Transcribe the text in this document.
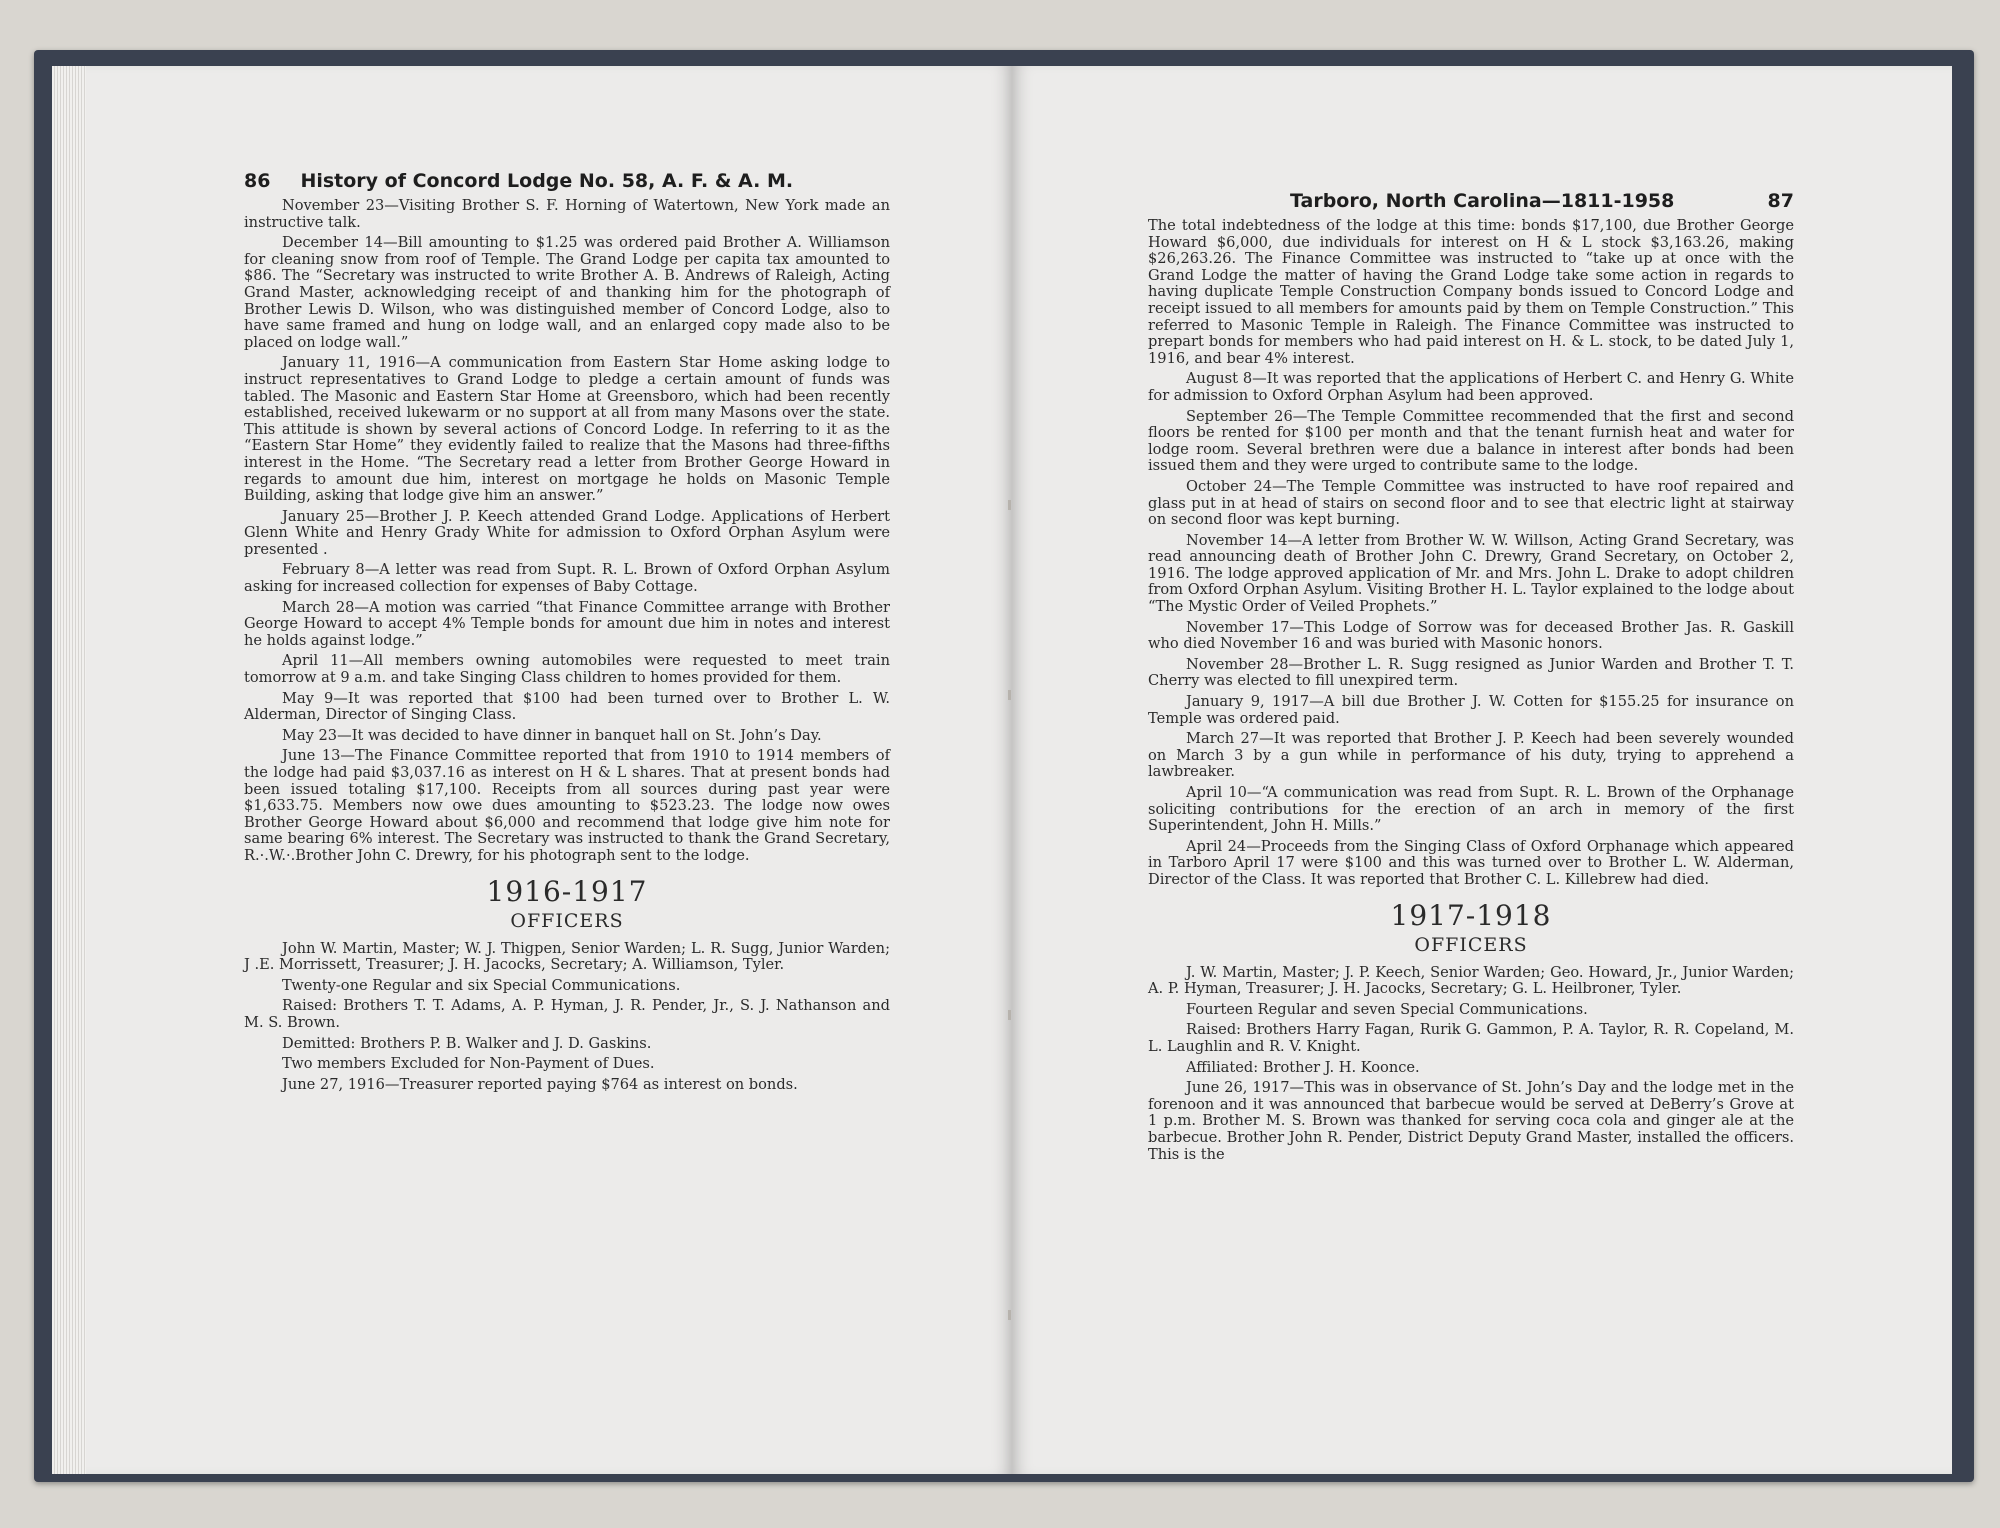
86 History of Concord Lodge No. 58, A. F. & A. M.

November 23—Visiting Brother S. F. Horning of Watertown, New York made an instructive talk.

December 14—Bill amounting to $1.25 was ordered paid Brother A. Williamson for cleaning snow from roof of Temple. The Grand Lodge per capita tax amounted to $86. The “Secretary was instructed to write Brother A. B. Andrews of Raleigh, Acting Grand Master, acknowledging receipt of and thanking him for the photograph of Brother Lewis D. Wilson, who was distinguished member of Concord Lodge, also to have same framed and hung on lodge wall, and an enlarged copy made also to be placed on lodge wall.”

January 11, 1916—A communication from Eastern Star Home asking lodge to instruct representatives to Grand Lodge to pledge a certain amount of funds was tabled. The Masonic and Eastern Star Home at Greensboro, which had been recently established, received lukewarm or no support at all from many Masons over the state. This attitude is shown by several actions of Concord Lodge. In referring to it as the “Eastern Star Home” they evidently failed to realize that the Masons had three-fifths interest in the Home. “The Secretary read a letter from Brother George Howard in regards to amount due him, interest on mortgage he holds on Masonic Temple Building, asking that lodge give him an answer.”

January 25—Brother J. P. Keech attended Grand Lodge. Applications of Herbert Glenn White and Henry Grady White for admission to Oxford Orphan Asylum were presented .

February 8—A letter was read from Supt. R. L. Brown of Oxford Orphan Asylum asking for increased collection for expenses of Baby Cottage.

March 28—A motion was carried “that Finance Committee arrange with Brother George Howard to accept 4% Temple bonds for amount due him in notes and interest he holds against lodge.”

April 11—All members owning automobiles were requested to meet train tomorrow at 9 a.m. and take Singing Class children to homes provided for them.

May 9—It was reported that $100 had been turned over to Brother L. W. Alderman, Director of Singing Class.

May 23—It was decided to have dinner in banquet hall on St. John’s Day.

June 13—The Finance Committee reported that from 1910 to 1914 members of the lodge had paid $3,037.16 as interest on H & L shares. That at present bonds had been issued totaling $17,100. Receipts from all sources during past year were $1,633.75. Members now owe dues amounting to $523.23. The lodge now owes Brother George Howard about $6,000 and recommend that lodge give him note for same bearing 6% interest. The Secretary was instructed to thank the Grand Secretary, R.·.W.·.Brother John C. Drewry, for his photograph sent to the lodge.

1916-1917
OFFICERS

John W. Martin, Master; W. J. Thigpen, Senior Warden; L. R. Sugg, Junior Warden; J .E. Morrissett, Treasurer; J. H. Jacocks, Secretary; A. Williamson, Tyler.

Twenty-one Regular and six Special Communications.

Raised: Brothers T. T. Adams, A. P. Hyman, J. R. Pender, Jr., S. J. Nathanson and M. S. Brown.

Demitted: Brothers P. B. Walker and J. D. Gaskins.

Two members Excluded for Non-Payment of Dues.

June 27, 1916—Treasurer reported paying $764 as interest on bonds.

Tarboro, North Carolina—1811-1958	87

The total indebtedness of the lodge at this time: bonds $17,100, due Brother George Howard $6,000, due individuals for interest on H & L stock $3,163.26, making $26,263.26. The Finance Committee was instructed to “take up at once with the Grand Lodge the matter of having the Grand Lodge take some action in regards to having duplicate Temple Construction Company bonds issued to Concord Lodge and receipt issued to all members for amounts paid by them on Temple Construction.” This referred to Masonic Temple in Raleigh. The Finance Committee was instructed to prepart bonds for members who had paid interest on H. & L. stock, to be dated July 1, 1916, and bear 4% interest.

August 8—It was reported that the applications of Herbert C. and Henry G. White for admission to Oxford Orphan Asylum had been approved.

September 26—The Temple Committee recommended that the first and second floors be rented for $100 per month and that the tenant furnish heat and water for lodge room. Several brethren were due a balance in interest after bonds had been issued them and they were urged to contribute same to the lodge.

October 24—The Temple Committee was instructed to have roof repaired and glass put in at head of stairs on second floor and to see that electric light at stairway on second floor was kept burning.

November 14—A letter from Brother W. W. Willson, Acting Grand Secretary, was read announcing death of Brother John C. Drewry, Grand Secretary, on October 2, 1916. The lodge approved application of Mr. and Mrs. John L. Drake to adopt children from Oxford Orphan Asylum. Visiting Brother H. L. Taylor explained to the lodge about “The Mystic Order of Veiled Prophets.”

November 17—This Lodge of Sorrow was for deceased Brother Jas. R. Gaskill who died November 16 and was buried with Masonic honors.

November 28—Brother L. R. Sugg resigned as Junior Warden and Brother T. T. Cherry was elected to fill unexpired term.

January 9, 1917—A bill due Brother J. W. Cotten for $155.25 for insurance on Temple was ordered paid.

March 27—It was reported that Brother J. P. Keech had been severely wounded on March 3 by a gun while in performance of his duty, trying to apprehend a lawbreaker.

April 10—“A communication was read from Supt. R. L. Brown of the Orphanage soliciting contributions for the erection of an arch in memory of the first Superintendent, John H. Mills.”

April 24—Proceeds from the Singing Class of Oxford Orphanage which appeared in Tarboro April 17 were $100 and this was turned over to Brother L. W. Alderman, Director of the Class. It was reported that Brother C. L. Killebrew had died.

1917-1918
OFFICERS

J. W. Martin, Master; J. P. Keech, Senior Warden; Geo. Howard, Jr., Junior Warden; A. P. Hyman, Treasurer; J. H. Jacocks, Secretary; G. L. Heilbroner, Tyler.

Fourteen Regular and seven Special Communications.

Raised: Brothers Harry Fagan, Rurik G. Gammon, P. A. Taylor, R. R. Copeland, M. L. Laughlin and R. V. Knight.

Affiliated: Brother J. H. Koonce.

June 26, 1917—This was in observance of St. John’s Day and the lodge met in the forenoon and it was announced that barbecue would be served at DeBerry’s Grove at 1 p.m. Brother M. S. Brown was thanked for serving coca cola and ginger ale at the barbecue. Brother John R. Pender, District Deputy Grand Master, installed the officers. This is the
